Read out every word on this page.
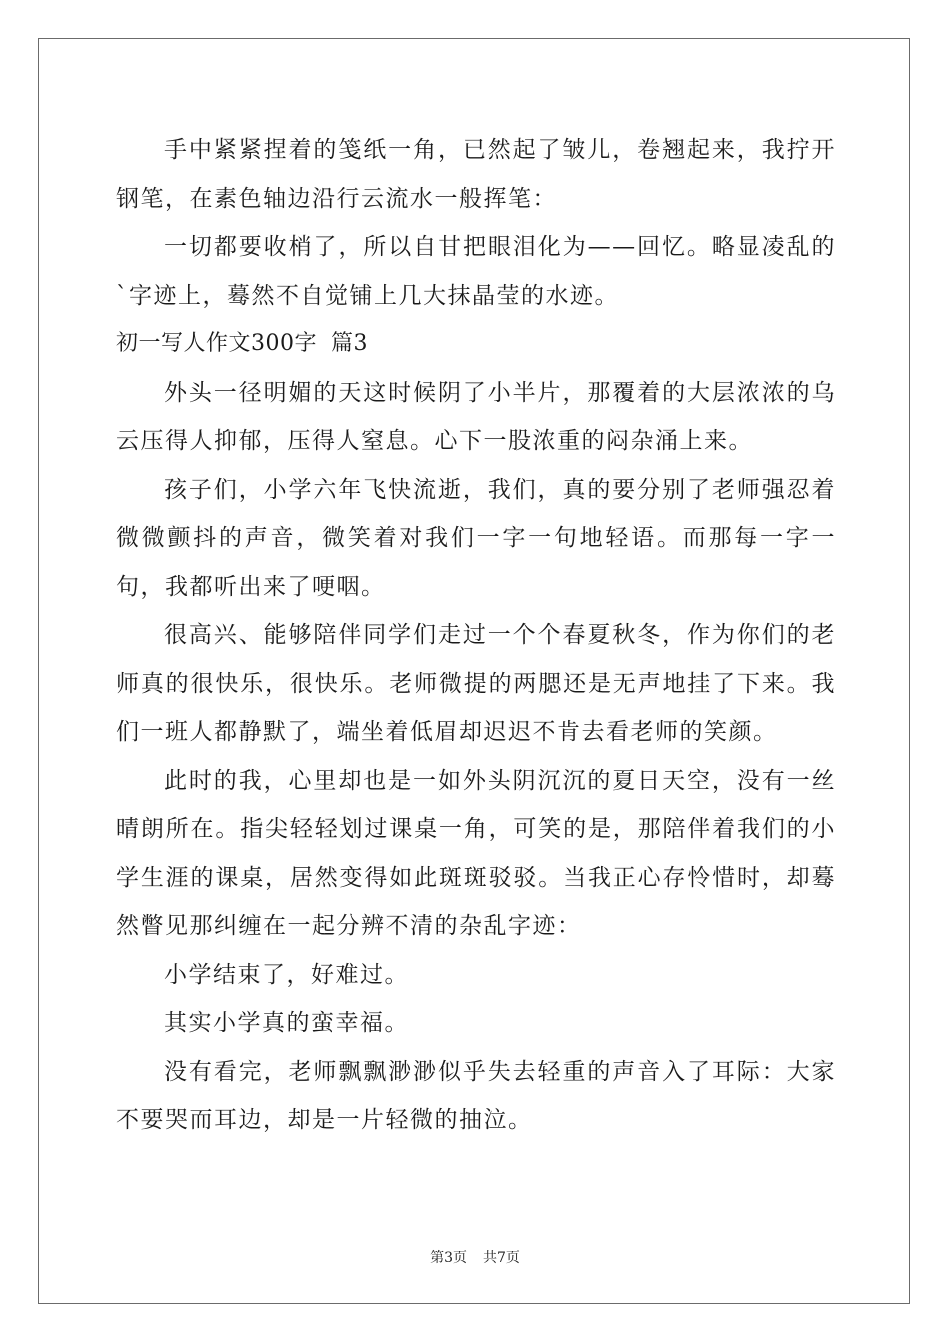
手中紧紧捏着的笺纸一角，已然起了皱儿，卷翘起来，我拧开钢笔，在素色轴边沿行云流水一般挥笔：

一切都要收梢了，所以自甘把眼泪化为——回忆。略显凌乱的`字迹上，蓦然不自觉铺上几大抹晶莹的水迹。

初一写人作文300字 篇3

外头一径明媚的天这时候阴了小半片，那覆着的大层浓浓的乌云压得人抑郁，压得人窒息。心下一股浓重的闷杂涌上来。

孩子们，小学六年飞快流逝，我们，真的要分别了老师强忍着微微颤抖的声音，微笑着对我们一字一句地轻语。而那每一字一句，我都听出来了哽咽。

很高兴、能够陪伴同学们走过一个个春夏秋冬，作为你们的老师真的很快乐，很快乐。老师微提的两腮还是无声地挂了下来。我们一班人都静默了，端坐着低眉却迟迟不肯去看老师的笑颜。

此时的我，心里却也是一如外头阴沉沉的夏日天空，没有一丝晴朗所在。指尖轻轻划过课桌一角，可笑的是，那陪伴着我们的小学生涯的课桌，居然变得如此斑斑驳驳。当我正心存怜惜时，却蓦然瞥见那纠缠在一起分辨不清的杂乱字迹：

小学结束了，好难过。

其实小学真的蛮幸福。

没有看完，老师飘飘渺渺似乎失去轻重的声音入了耳际：大家不要哭而耳边，却是一片轻微的抽泣。

第3页 共7页
